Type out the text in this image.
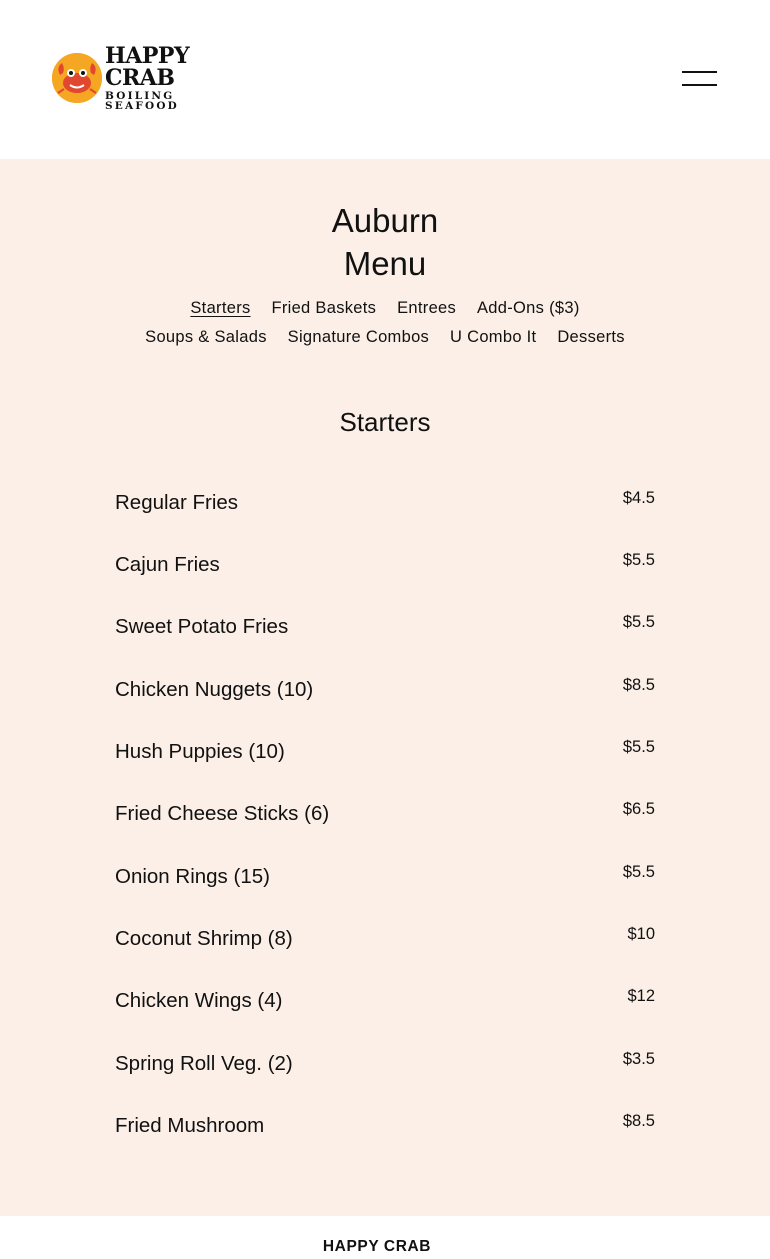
HAPPY CRAB
BOILING SEAFOOD
Auburn
Menu
Starters Fried Baskets Entrees Add-Ons ($3)
Soups & Salads Signature Combos U Combo It Desserts
Starters
Regular Fries	$4.5
Cajun Fries	$5.5
Sweet Potato Fries	$5.5
Chicken Nuggets (10)	$8.5
Hush Puppies (10)	$5.5
Fried Cheese Sticks (6)	$6.5
Onion Rings (15)	$5.5
Coconut Shrimp (8)	$10
Chicken Wings (4)	$12
Spring Roll Veg. (2)	$3.5
Fried Mushroom	$8.5
HAPPY CRAB
